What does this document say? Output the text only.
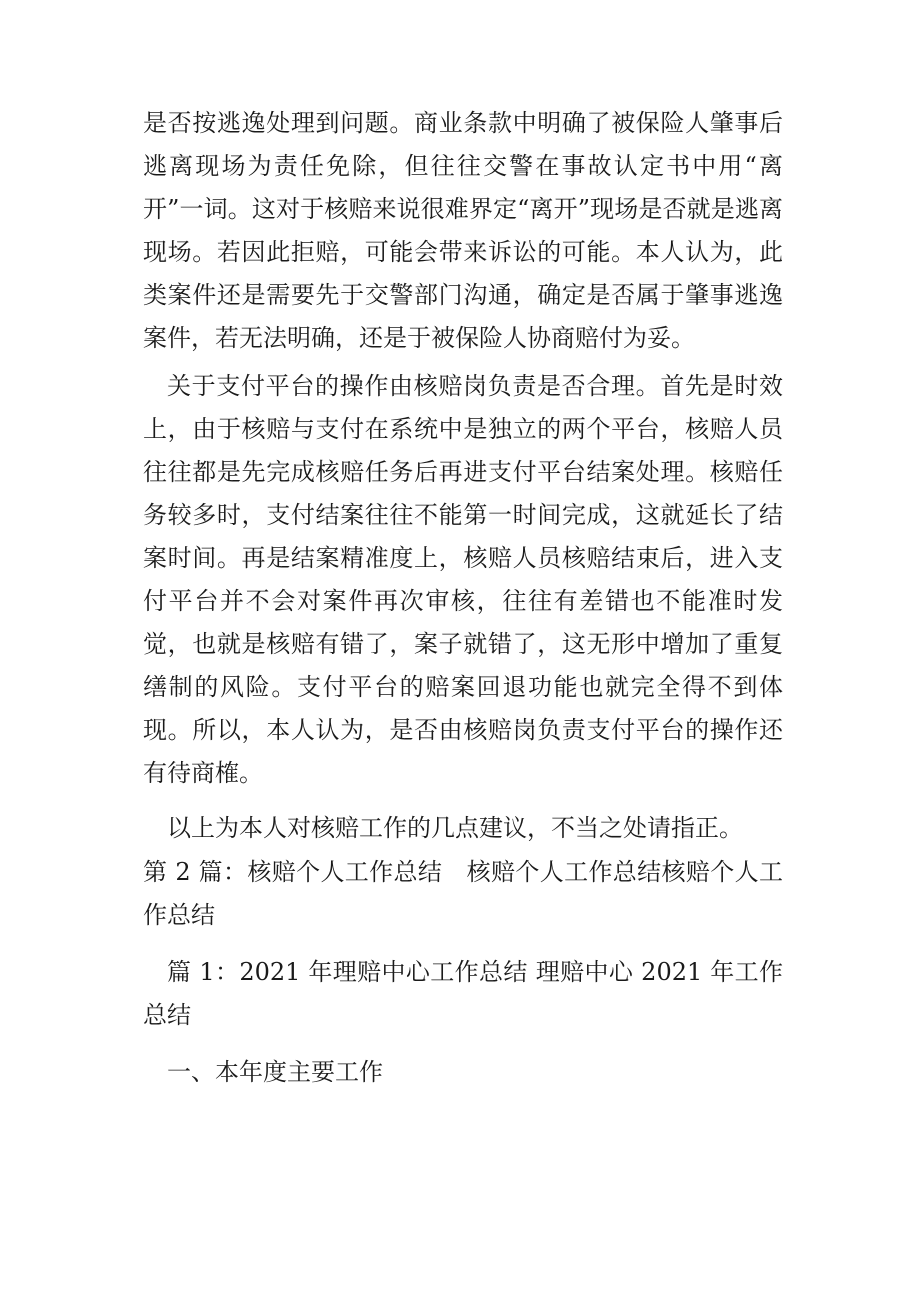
是否按逃逸处理到问题。商业条款中明确了被保险人肇事后逃离现场为责任免除，但往往交警在事故认定书中用“离开”一词。这对于核赔来说很难界定“离开”现场是否就是逃离现场。若因此拒赔，可能会带来诉讼的可能。本人认为，此类案件还是需要先于交警部门沟通，确定是否属于肇事逃逸案件，若无法明确，还是于被保险人协商赔付为妥。

关于支付平台的操作由核赔岗负责是否合理。首先是时效上，由于核赔与支付在系统中是独立的两个平台，核赔人员往往都是先完成核赔任务后再进支付平台结案处理。核赔任务较多时，支付结案往往不能第一时间完成，这就延长了结案时间。再是结案精准度上，核赔人员核赔结束后，进入支付平台并不会对案件再次审核，往往有差错也不能准时发觉，也就是核赔有错了，案子就错了，这无形中增加了重复缮制的风险。支付平台的赔案回退功能也就完全得不到体现。所以，本人认为，是否由核赔岗负责支付平台的操作还有待商榷。

以上为本人对核赔工作的几点建议，不当之处请指正。

第 2 篇：核赔个人工作总结　核赔个人工作总结核赔个人工作总结

篇 1：2021 年理赔中心工作总结 理赔中心 2021 年工作总结

一、本年度主要工作
